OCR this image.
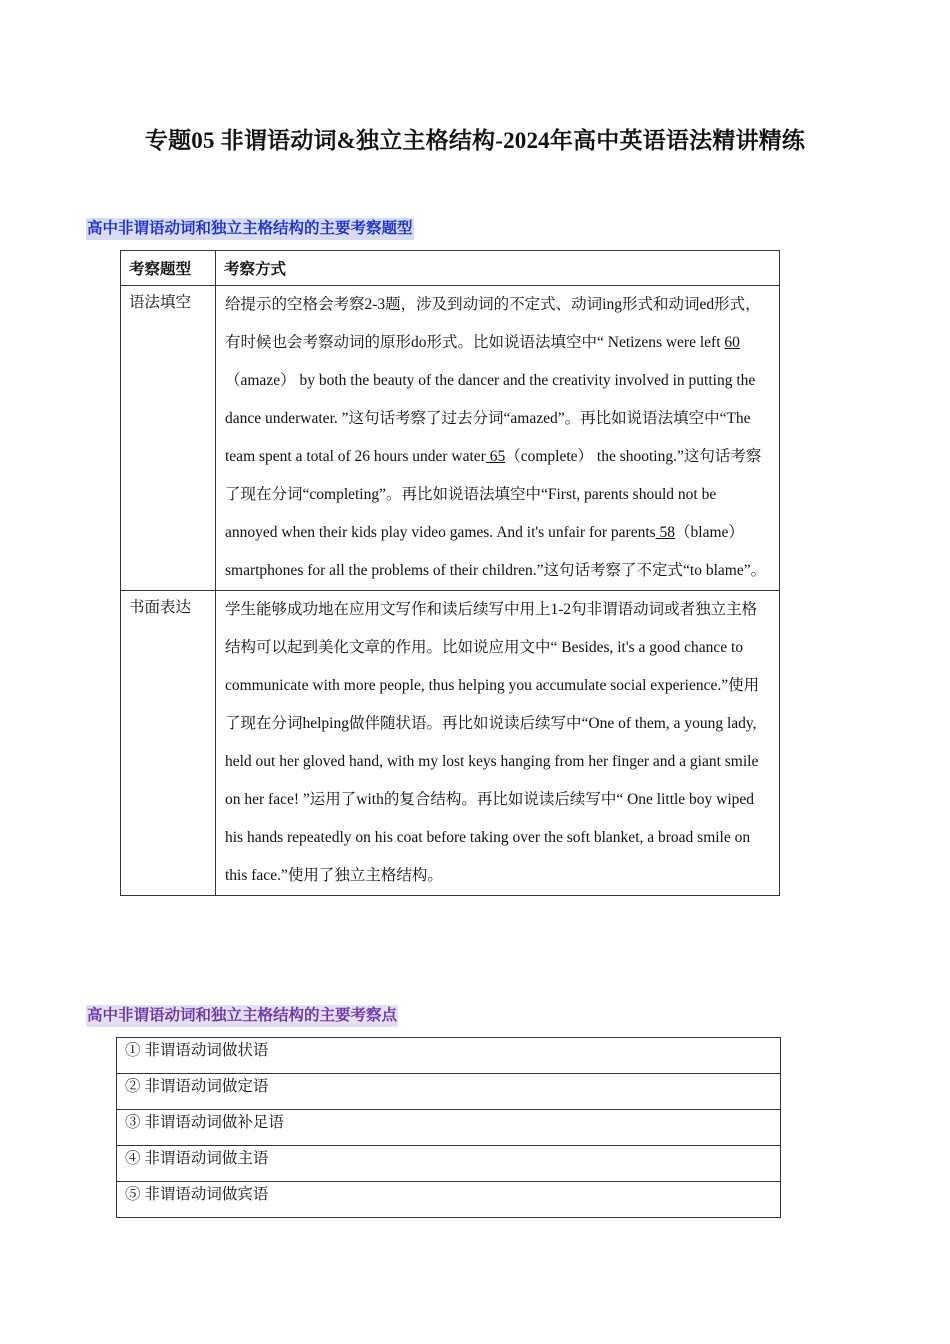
专题05 非谓语动词&独立主格结构-2024年高中英语语法精讲精练
高中非谓语动词和独立主格结构的主要考察题型
考察题型	考察方式

语法填空	给提示的空格会考察2-3题，涉及到动词的不定式、动词ing形式和动词ed形式，有时候也会考察动词的原形do形式。比如说语法填空中“ Netizens were left 60 （amaze） by both the beauty of the dancer and the creativity involved in putting the dance underwater. ”这句话考察了过去分词“amazed”。再比如说语法填空中“The team spent a total of 26 hours under water 65（complete） the shooting.”这句话考察了现在分词“completing”。再比如说语法填空中“First, parents should not be annoyed when their kids play video games. And it's unfair for parents 58（blame） smartphones for all the problems of their children.”这句话考察了不定式“to blame”。

书面表达	学生能够成功地在应用文写作和读后续写中用上1-2句非谓语动词或者独立主格结构可以起到美化文章的作用。比如说应用文中“ Besides, it's a good chance to communicate with more people, thus helping you accumulate social experience.”使用了现在分词helping做伴随状语。再比如说读后续写中“One of them, a young lady, held out her gloved hand, with my lost keys hanging from her finger and a giant smile on her face! ”运用了with的复合结构。再比如说读后续写中“ One little boy wiped his hands repeatedly on his coat before taking over the soft blanket, a broad smile on this face.”使用了独立主格结构。
高中非谓语动词和独立主格结构的主要考察点
① 非谓语动词做状语
② 非谓语动词做定语
③ 非谓语动词做补足语
④ 非谓语动词做主语
⑤ 非谓语动词做宾语
